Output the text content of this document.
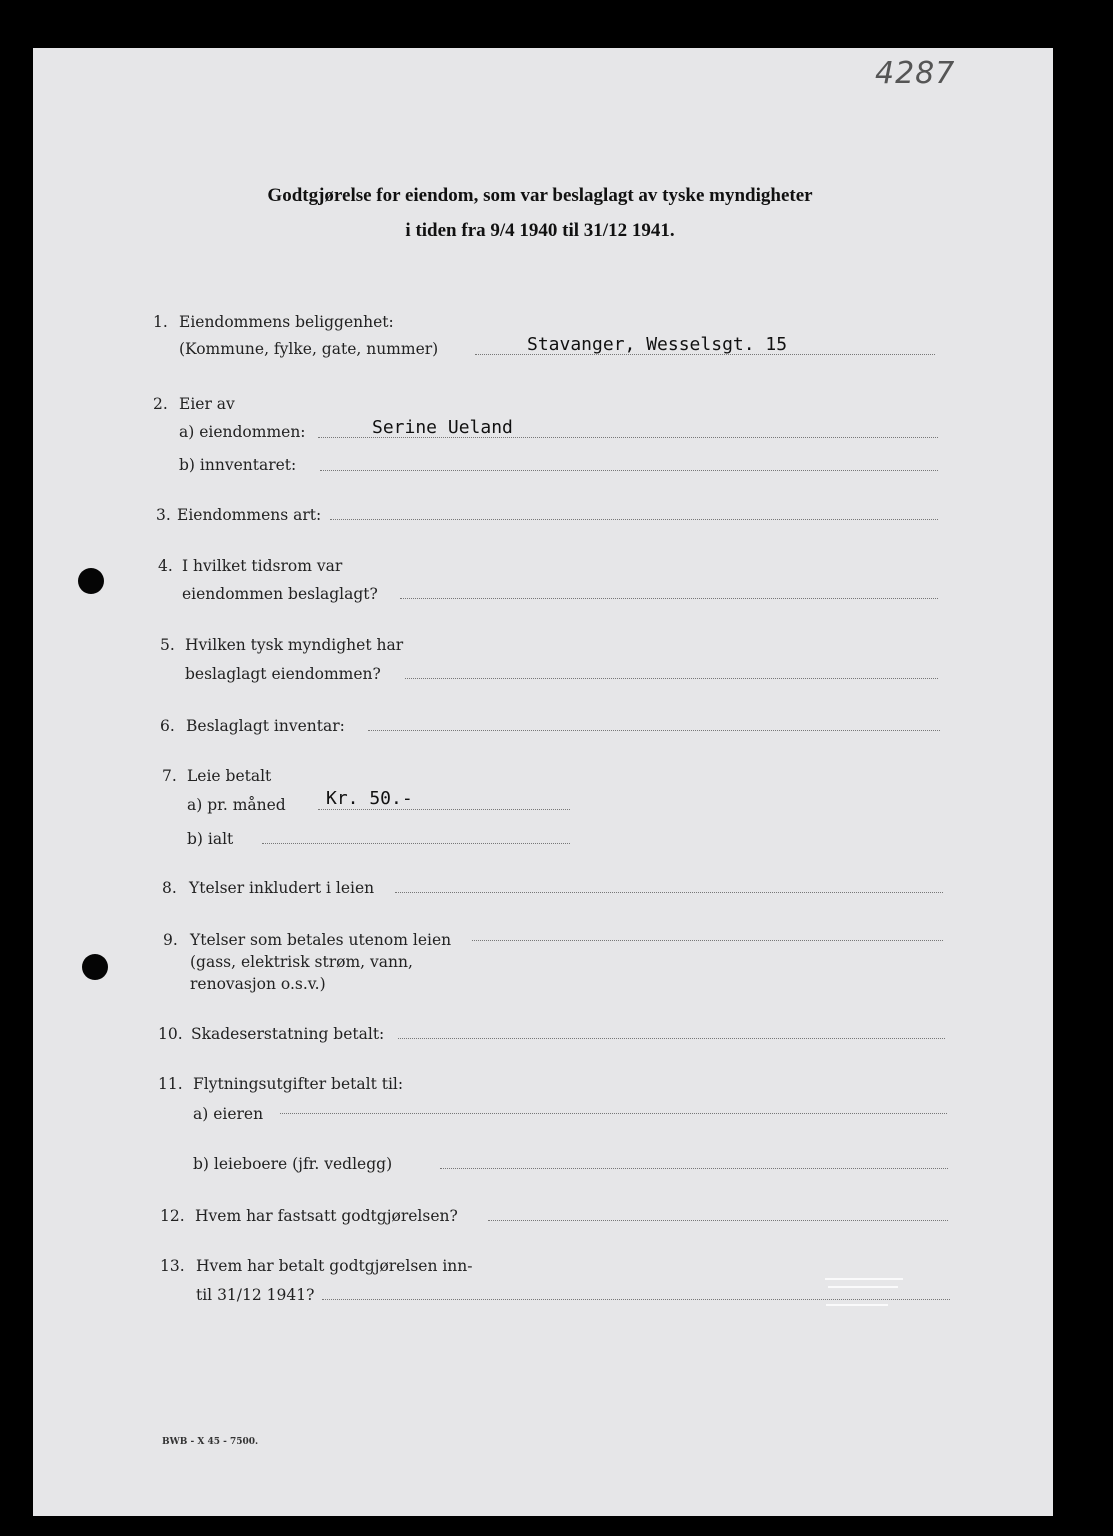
4287
Godtgjørelse for eiendom, som var beslaglagt av tyske myndigheter
i tiden fra 9/4 1940 til 31/12 1941.
1. Eiendommens beliggenhet:
(Kommune, fylke, gate, nummer)	Stavanger, Wesselsgt. 15
2. Eier av
a) eiendommen:	Serine Ueland
b) innventaret:
3. Eiendommens art:
4. I hvilket tidsrom var
eiendommen beslaglagt?
5. Hvilken tysk myndighet har
beslaglagt eiendommen?
6. Beslaglagt inventar:
7. Leie betalt
a) pr. måned Kr. 50.-
b) ialt
8. Ytelser inkludert i leien
9. Ytelser som betales utenom leien
(gass, elektrisk strøm, vann,
renovasjon o.s.v.)
10. Skadeserstatning betalt:
11. Flytningsutgifter betalt til:
a) eieren
b) leieboere (jfr. vedlegg)
12. Hvem har fastsatt godtgjørelsen?
13. Hvem har betalt godtgjørelsen inn-
til 31/12 1941?
BWB - X 45 - 7500.
